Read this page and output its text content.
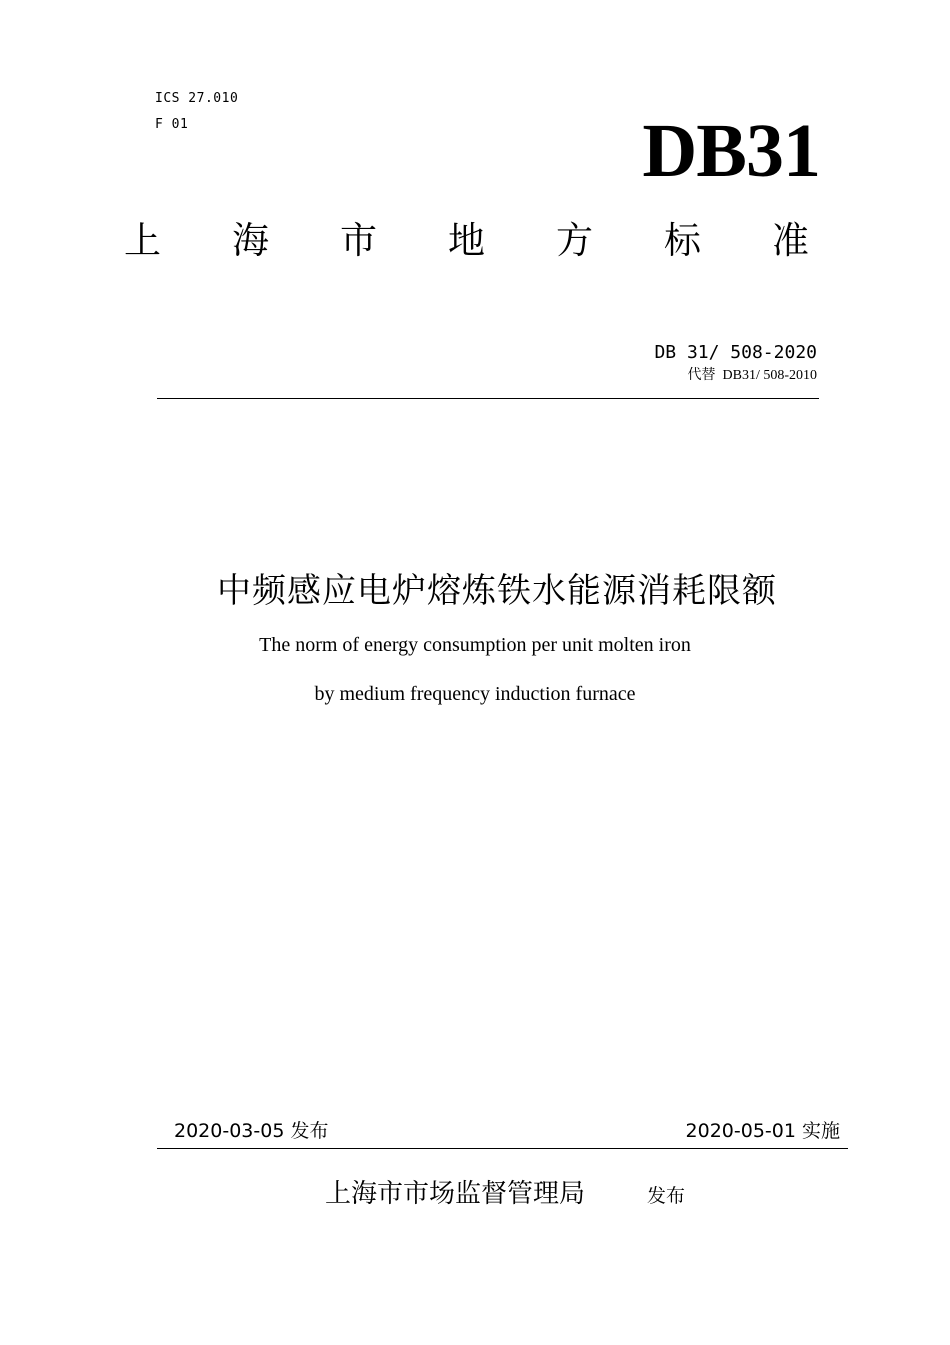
ICS 27.010
F 01	DB31
上 海 市 地 方 标 准
DB 31/ 508-2020
代替 DB31/ 508-2010
中频感应电炉熔炼铁水能源消耗限额
The norm of energy consumption per unit molten iron
by medium frequency induction furnace
2020-03-05 发布	2020-05-01 实施
上海市市场监督管理局	发布
